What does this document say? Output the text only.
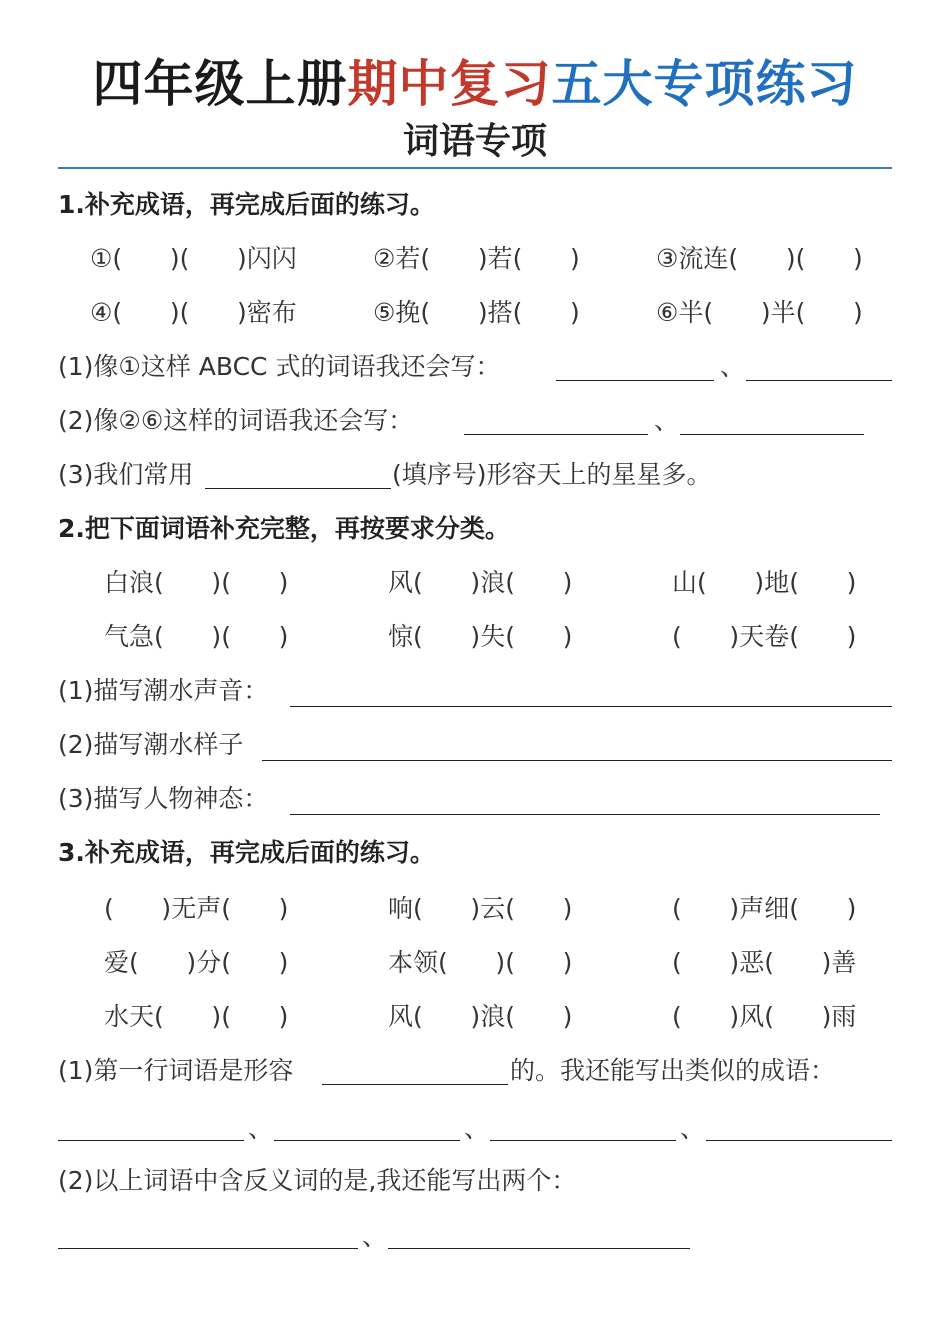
四年级上册期中复习五大专项练习
词语专项
1.补充成语，再完成后面的练习。
①(      )(      )闪闪	②若(      )若(      )	③流连(      )(      )
④(      )(      )密布	⑤挽(      )搭(      )	⑥半(      )半(      )
(1)像①这样 ABCC 式的词语我还会写：	、
(2)像②⑥这样的词语我还会写：	、
(3)我们常用	(填序号)形容天上的星星多。
2.把下面词语补充完整，再按要求分类。
白浪(      )(      )	风(      )浪(      )	山(      )地(      )
气急(      )(      )	惊(      )失(      )	(      )天卷(      )
(1)描写潮水声音：
(2)描写潮水样子
(3)描写人物神态：
3.补充成语，再完成后面的练习。
(      )无声(      )	响(      )云(      )	(      )声细(      )
爱(      )分(      )	本领(      )(      )	(      )恶(      )善
水天(      )(      )	风(      )浪(      )	(      )风(      )雨
(1)第一行词语是形容	的。我还能写出类似的成语：
、	、	、
(2)以上词语中含反义词的是,我还能写出两个：
、
